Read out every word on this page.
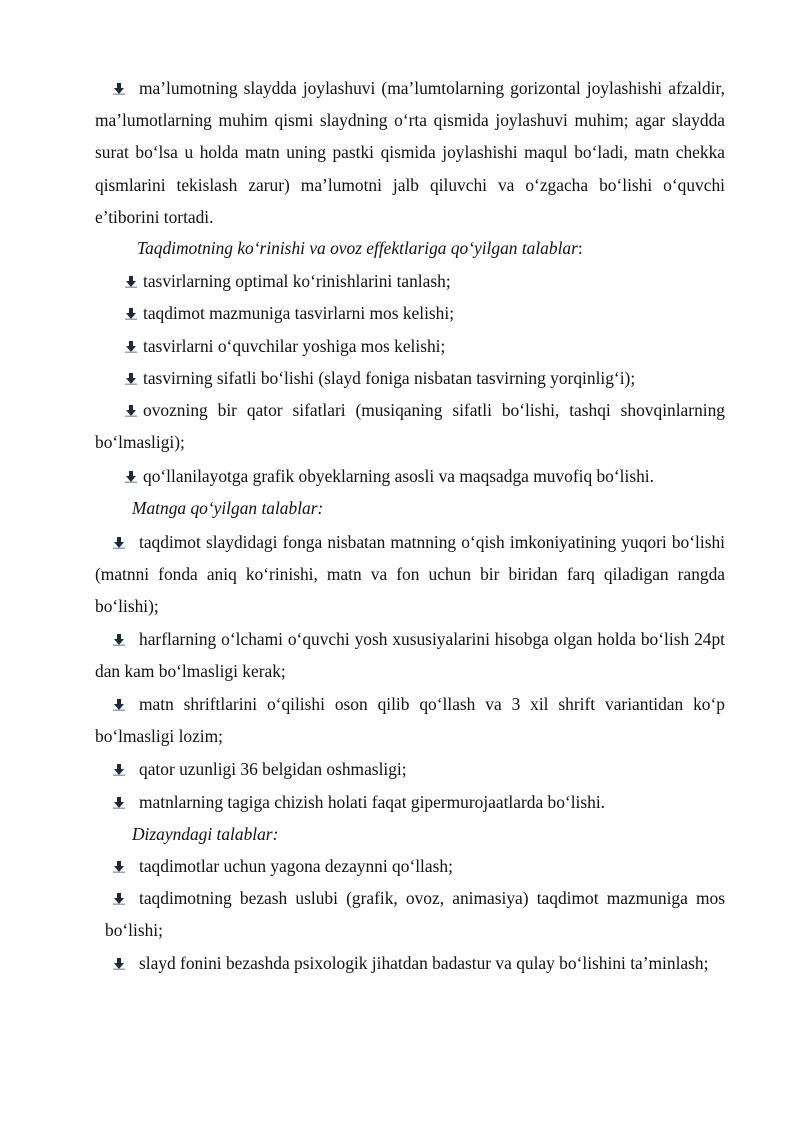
ma’lumotning slaydda joylashuvi (ma’lumtolarning gorizontal joylashishi afzaldir, ma’lumotlarning muhim qismi slaydning o‘rta qismida joylashuvi muhim; agar slaydda surat bo‘lsa u holda matn uning pastki qismida joylashishi maqul bo‘ladi, matn chekka qismlarini tekislash zarur) ma’lumotni jalb qiluvchi va o‘zgacha bo‘lishi o‘quvchi e’tiborini tortadi.

Taqdimotning ko‘rinishi va ovoz effektlariga qo‘yilgan talablar:

tasvirlarning optimal ko‘rinishlarini tanlash;

taqdimot mazmuniga tasvirlarni mos kelishi;

tasvirlarni o‘quvchilar yoshiga mos kelishi;

tasvirning sifatli bo‘lishi (slayd foniga nisbatan tasvirning yorqinlig‘i);

ovozning bir qator sifatlari (musiqaning sifatli bo‘lishi, tashqi shovqinlarning bo‘lmasligi);

qo‘llanilayotga grafik obyeklarning asosli va maqsadga muvofiq bo‘lishi.

Matnga qo‘yilgan talablar:

taqdimot slaydidagi fonga nisbatan matnning o‘qish imkoniyatining yuqori bo‘lishi (matnni fonda aniq ko‘rinishi, matn va fon uchun bir biridan farq qiladigan rangda bo‘lishi);

harflarning o‘lchami o‘quvchi yosh xususiyalarini hisobga olgan holda bo‘lish 24pt dan kam bo‘lmasligi kerak;

matn shriftlarini o‘qilishi oson qilib qo‘llash va 3 xil shrift variantidan ko‘p bo‘lmasligi lozim;

qator uzunligi 36 belgidan oshmasligi;

matnlarning tagiga chizish holati faqat gipermurojaatlarda bo‘lishi.

Dizayndagi talablar:

taqdimotlar uchun yagona dezaynni qo‘llash;

taqdimotning bezash uslubi (grafik, ovoz, animasiya) taqdimot mazmuniga mos bo‘lishi;

slayd fonini bezashda psixologik jihatdan badastur va qulay bo‘lishini ta’minlash;
